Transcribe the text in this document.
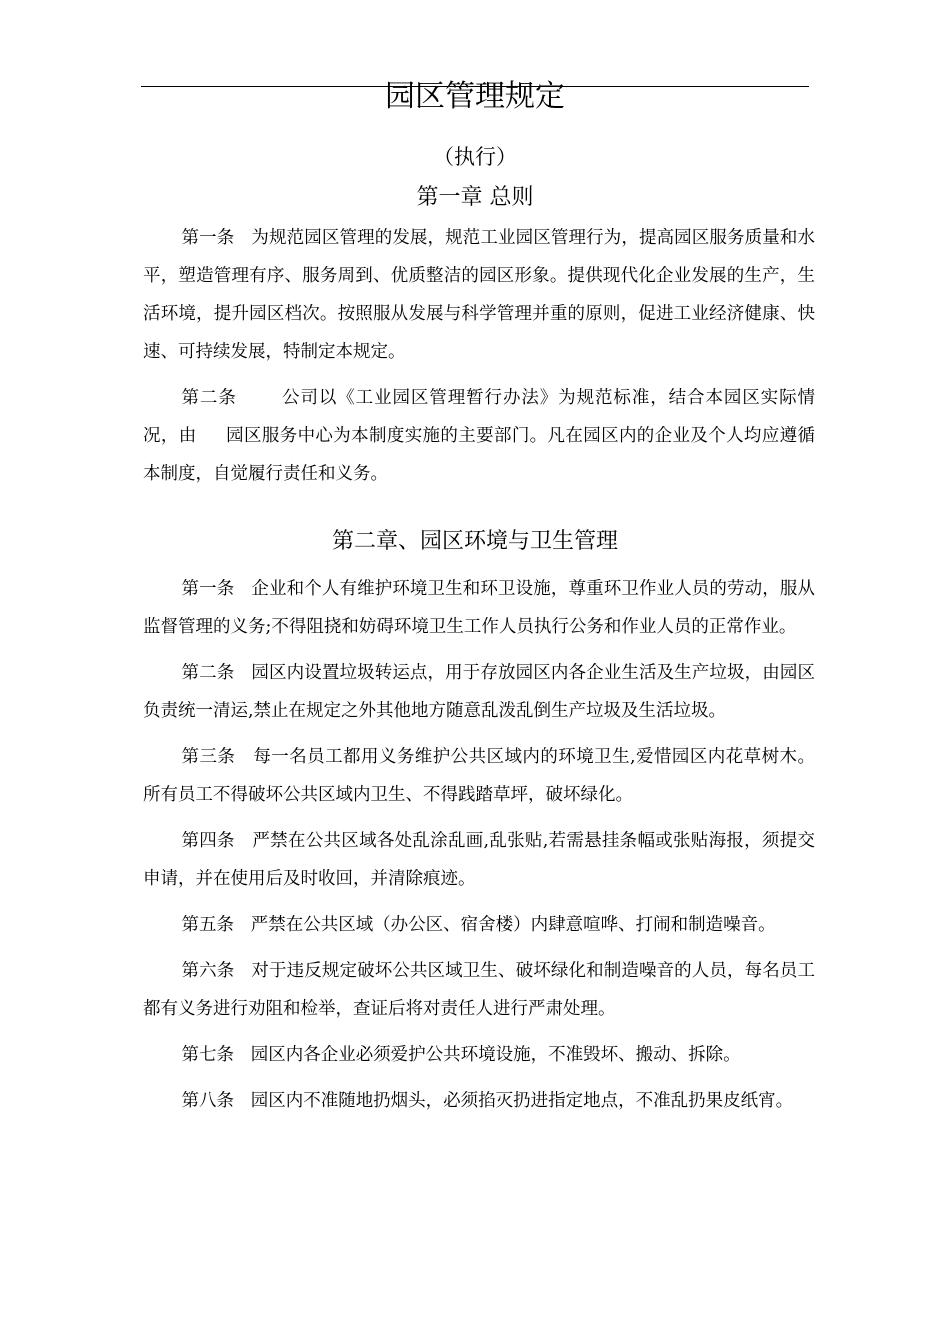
园区管理规定
（执行）
第一章 总则

第一条   为规范园区管理的发展，规范工业园区管理行为，提高园区服务质量和水平，塑造管理有序、服务周到、优质整洁的园区形象。提供现代化企业发展的生产，生活环境，提升园区档次。按照服从发展与科学管理并重的原则，促进工业经济健康、快速、可持续发展，特制定本规定。

第二条       公司以《工业园区管理暂行办法》为规范标准，结合本园区实际情况，由     园区服务中心为本制度实施的主要部门。凡在园区内的企业及个人均应遵循本制度，自觉履行责任和义务。

第二章、园区环境与卫生管理

第一条   企业和个人有维护环境卫生和环卫设施，尊重环卫作业人员的劳动，服从监督管理的义务;不得阻挠和妨碍环境卫生工作人员执行公务和作业人员的正常作业。

第二条   园区内设置垃圾转运点，用于存放园区内各企业生活及生产垃圾，由园区负责统一清运,禁止在规定之外其他地方随意乱泼乱倒生产垃圾及生活垃圾。

第三条   每一名员工都用义务维护公共区域内的环境卫生,爱惜园区内花草树木。所有员工不得破坏公共区域内卫生、不得践踏草坪，破坏绿化。

第四条   严禁在公共区域各处乱涂乱画,乱张贴,若需悬挂条幅或张贴海报，须提交申请，并在使用后及时收回，并清除痕迹。

第五条   严禁在公共区域（办公区、宿舍楼）内肆意喧哗、打闹和制造噪音。

第六条   对于违反规定破坏公共区域卫生、破坏绿化和制造噪音的人员，每名员工都有义务进行劝阻和检举，查证后将对责任人进行严肃处理。

第七条   园区内各企业必须爱护公共环境设施，不准毁坏、搬动、拆除。

第八条   园区内不准随地扔烟头，必须掐灭扔进指定地点，不准乱扔果皮纸宵。
